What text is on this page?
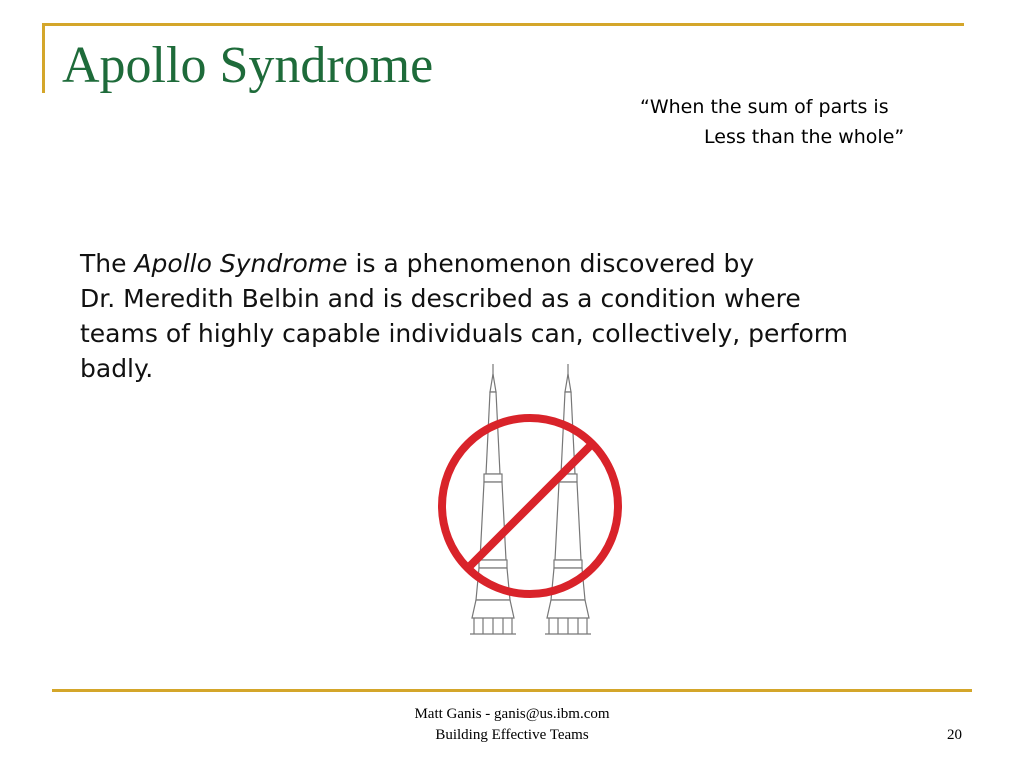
Apollo Syndrome
“When the sum of parts is
Less than the whole”
The Apollo Syndrome is a phenomenon discovered by
Dr. Meredith Belbin and is described as a condition where
teams of highly capable individuals can, collectively, perform
badly.
Matt Ganis - ganis@us.ibm.com
Building Effective Teams	20
